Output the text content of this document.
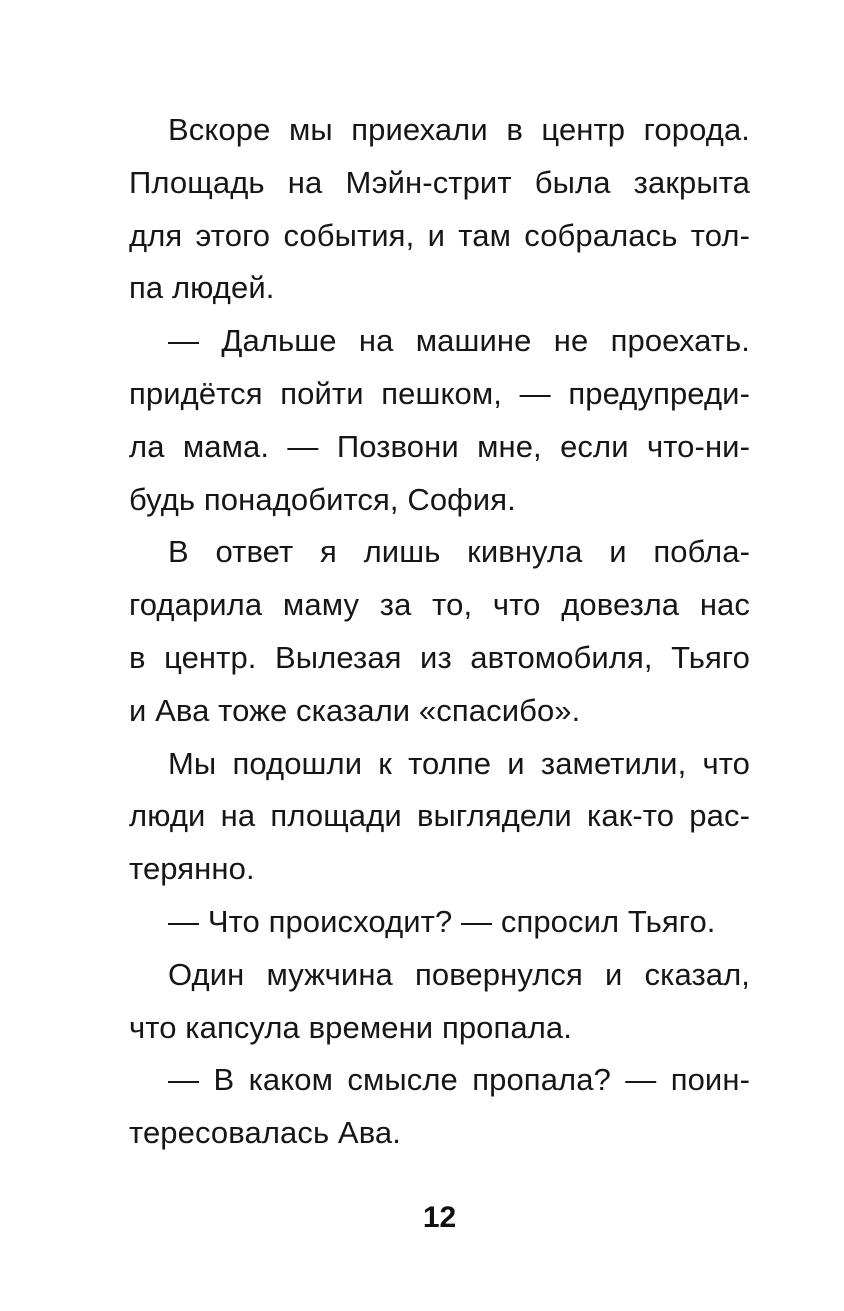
Вскоре мы приехали в центр города.
Площадь на Мэйн-стрит была закрыта
для этого события, и там собралась тол-
па людей.
— Дальше на машине не проехать.
придётся пойти пешком, — предупреди-
ла мама. — Позвони мне, если что-ни-
будь понадобится, София.
В ответ я лишь кивнула и побла-
годарила маму за то, что довезла нас
в центр. Вылезая из автомобиля, Тьяго
и Ава тоже сказали «спасибо».
Мы подошли к толпе и заметили, что
люди на площади выглядели как-то рас-
терянно.
— Что происходит? — спросил Тьяго.
Один мужчина повернулся и сказал,
что капсула времени пропала.
— В каком смысле пропала? — поин-
тересовалась Ава.
12
